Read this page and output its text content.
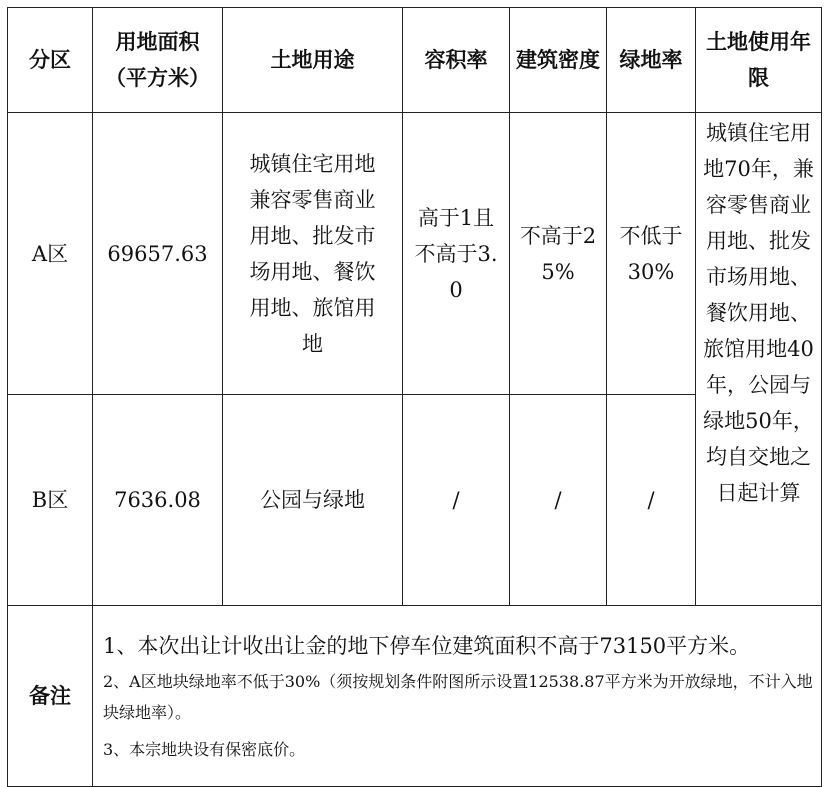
分区	用地面积（平方米）	土地用途	容积率	建筑密度	绿地率	土地使用年限
A区	69657.63	城镇住宅用地兼容零售商业用地、批发市场用地、餐饮用地、旅馆用地	高于1且不高于3.0	不高于25%	不低于30%	城镇住宅用地70年，兼容零售商业用地、批发市场用地、餐饮用地、旅馆用地40年，公园与绿地50年，均自交地之日起计算
B区	7636.08	公园与绿地	/	/	/	
备注	1、本次出让计收出让金的地下停车位建筑面积不高于73150平方米。
2、A区地块绿地率不低于30%（须按规划条件附图所示设置12538.87平方米为开放绿地，不计入地块绿地率）。
3、本宗地块设有保密底价。					
